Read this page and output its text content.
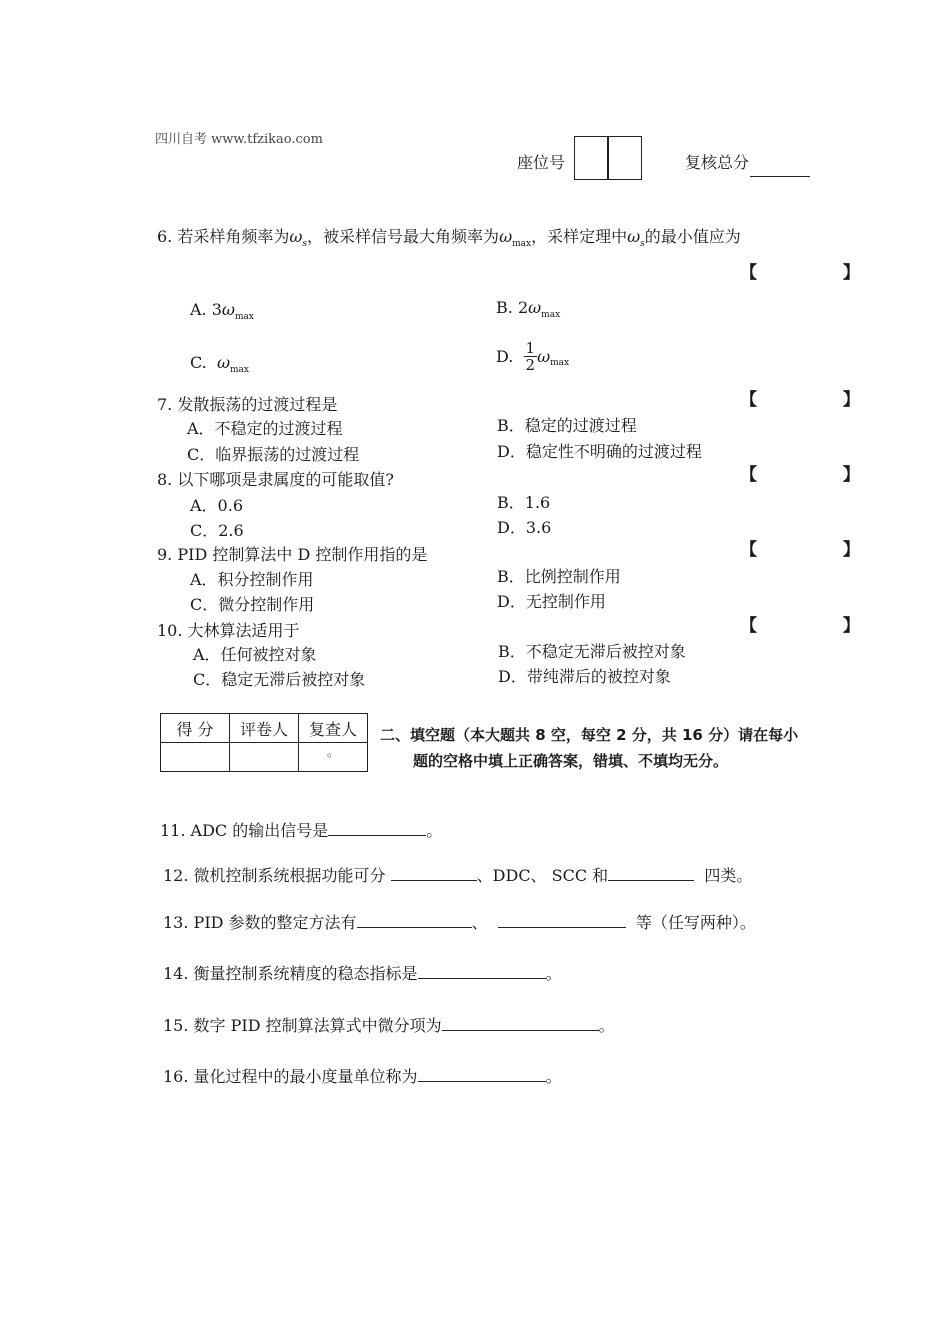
四川自考 www.tfzikao.com
座位号	复核总分
6. 若采样角频率为$\omega_s$，被采样信号最大角频率为$\omega_{max}$，采样定理中$\omega_s$的最小值应为
【 】
A. $3\omega_{max}$
B. $2\omega_{max}$
C. $\omega_{max}$
D. $\frac{1}{2} \omega_{max}$
7. 发散振荡的过渡过程是	【 】
A．不稳定的过渡过程	B．稳定的过渡过程
C．临界振荡的过渡过程	D．稳定性不明确的过渡过程
8. 以下哪项是隶属度的可能取值?	【 】
A．0.6	B．1.6
C．2.6	D．3.6
9. PID 控制算法中 D 控制作用指的是	【 】
A．积分控制作用	B．比例控制作用
C．微分控制作用	D．无控制作用
10. 大林算法适用于	【 】
A．任何被控对象	B．不稳定无滞后被控对象
C．稳定无滞后被控对象	D．带纯滞后的被控对象
得 分	评卷人	复查人
		。
二、填空题（本大题共 8 空，每空 2 分，共 16 分）请在每小
题的空格中填上正确答案，错填、不填均无分。
11. ADC 的输出信号是	。
12. 微机控制系统根据功能可分	、DDC、 SCC 和	四类。
13. PID 参数的整定方法有	、	等（任写两种）。
14. 衡量控制系统精度的稳态指标是	。
15. 数字 PID 控制算法算式中微分项为	。
16. 量化过程中的最小度量单位称为	。
